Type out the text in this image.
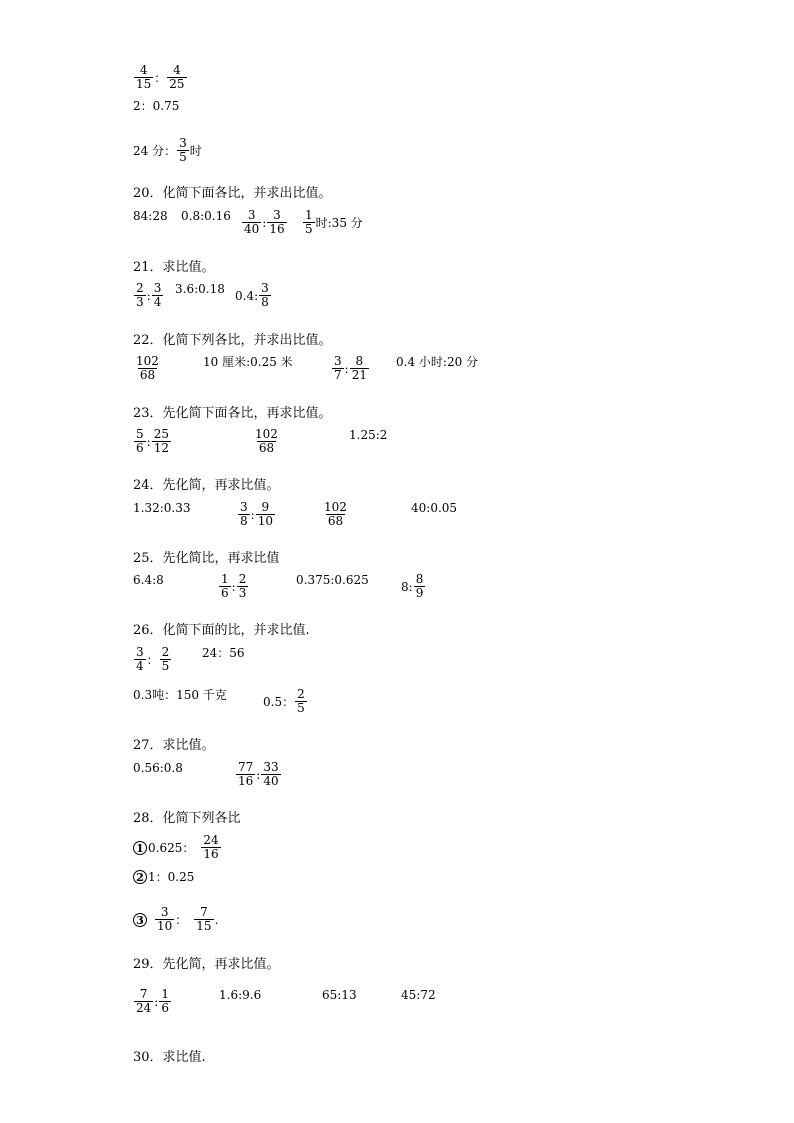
$\frac{4}{15}$ ： $\frac{4}{25}$
2：0.75
24 分： $\frac{3}{5}$ 时
20．化简下面各比，并求出比值。
84:28 0.8:0.16 $\frac{3}{40}$ : $\frac{3}{16} \frac{1}{5}$ 时:35 分
21．求比值。
$\frac{2}{3}$ : $\frac{3}{4}$ 3.6:0.18 0.4: $\frac{3}{8}$
22．化简下列各比，并求出比值。
$\frac{102}{68}$	10 厘米:0.25 米	$\frac{3}{7}$ : $\frac{8}{21} 0.4$ 小时:20 分
23．先化简下面各比，再求比值。
$\frac{5}{6}$ : $\frac{25}{12}$	$\frac{102}{68}$	1.25:2
24．先化简，再求比值。
1.32:0.33	$\frac{3}{8}$ : $\frac{9}{10}$	$\frac{102}{68}$	40:0.05
25．先化简比，再求比值
6.4:8	$\frac{1}{6}$ : $\frac{2}{3}$	0.375:0.625	8: $\frac{8}{9}$
26．化简下面的比，并求比值.
$\frac{3}{4}$ ： $\frac{2}{5}$	24：56
0.3吨：150 千克	0.5： $\frac{2}{5}$
27．求比值。
0.56:0.8	$\frac{77}{16}$ : $\frac{33}{40}$
28．化简下列各比
1 0.625： $\frac{24}{16}$
2 1：0.25
$3 \frac{3}{10}$ ： $\frac{7}{15}$ .
29．先化简，再求比值。
$\frac{7}{24}$ : $\frac{1}{6}$	1.6:9.6	65:13	45:72
30．求比值.
